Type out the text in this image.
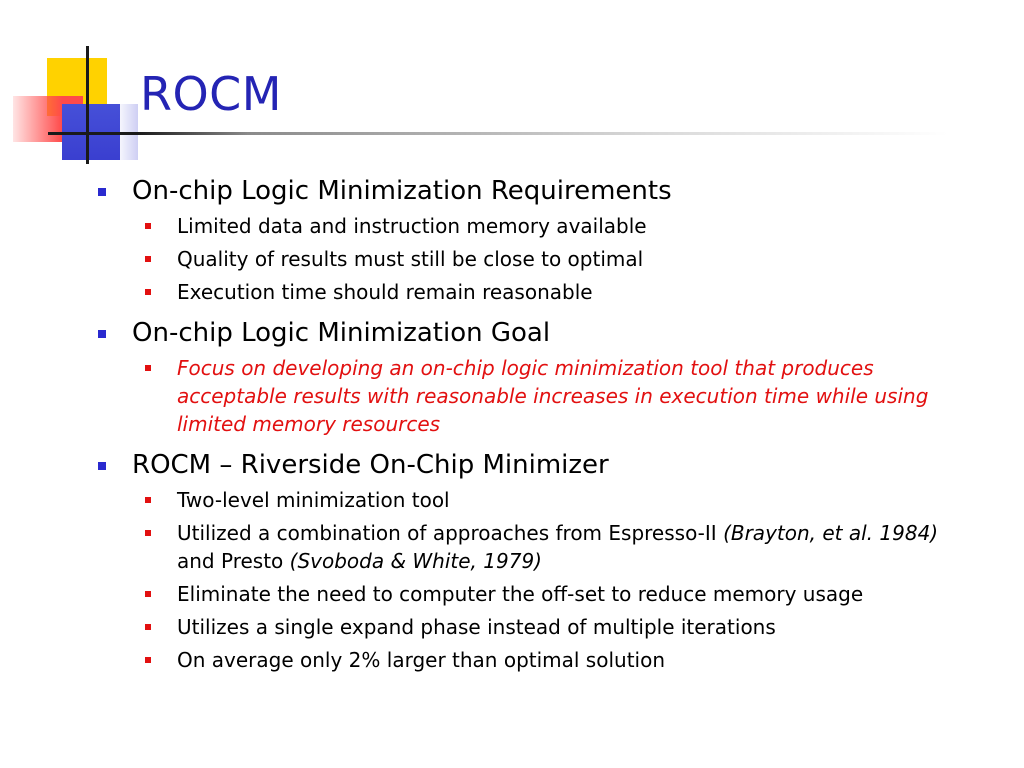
ROCM
On-chip Logic Minimization Requirements
Limited data and instruction memory available
Quality of results must still be close to optimal
Execution time should remain reasonable
On-chip Logic Minimization Goal
Focus on developing an on-chip logic minimization tool that produces acceptable results with reasonable increases in execution time while using limited memory resources
ROCM – Riverside On-Chip Minimizer
Two-level minimization tool
Utilized a combination of approaches from Espresso-II (Brayton, et al. 1984) and Presto (Svoboda & White, 1979)
Eliminate the need to computer the off-set to reduce memory usage
Utilizes a single expand phase instead of multiple iterations
On average only 2% larger than optimal solution
